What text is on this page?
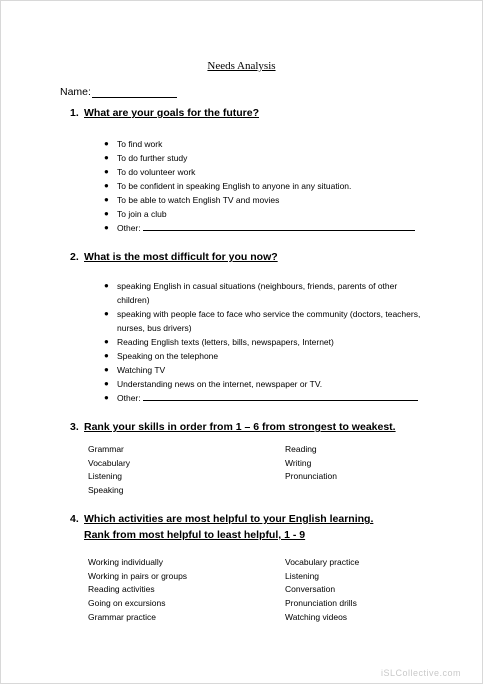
Needs Analysis
Name:
1. What are your goals for the future?
● To find work
● To do further study
● To do volunteer work
● To be confident in speaking English to anyone in any situation.
● To be able to watch English TV and movies
● To join a club
● Other:
2. What is the most difficult for you now?
● speaking English in casual situations (neighbours, friends, parents of other children)
● speaking with people face to face who service the community (doctors, teachers, nurses, bus drivers)
● Reading English texts (letters, bills, newspapers, Internet)
● Speaking on the telephone
● Watching TV
● Understanding news on the internet, newspaper or TV.
● Other:
3. Rank your skills in order from 1 – 6 from strongest to weakest.
Grammar
Vocabulary
Listening
Speaking
Reading
Writing
Pronunciation
4. Which activities are most helpful to your English learning.
Rank from most helpful to least helpful, 1 - 9
Working individually
Working in pairs or groups
Reading activities
Going on excursions
Grammar practice
Vocabulary practice
Listening
Conversation
Pronunciation drills
Watching videos
iSLCollective.com
